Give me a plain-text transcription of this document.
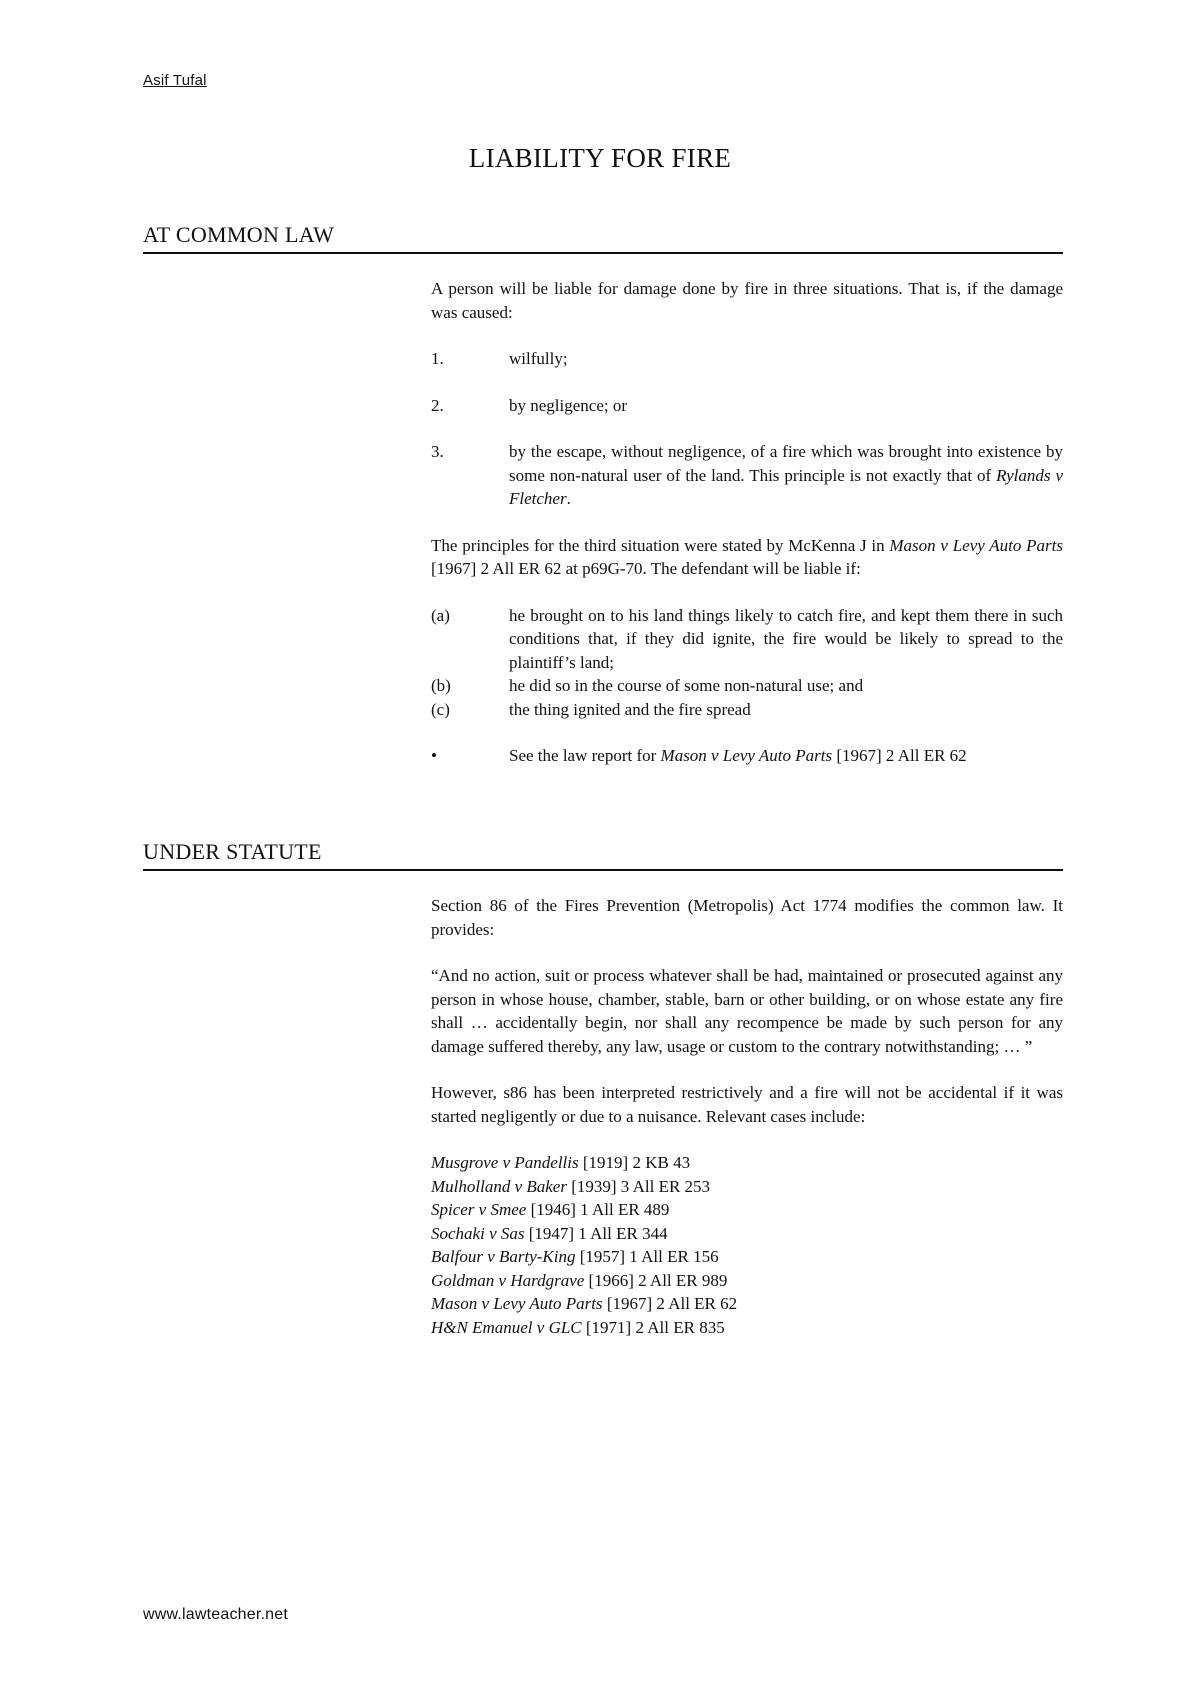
Asif Tufal
LIABILITY FOR FIRE
AT COMMON LAW

A person will be liable for damage done by fire in three situations. That is, if the damage was caused:

1.	wilfully;
2.	by negligence; or
3.	by the escape, without negligence, of a fire which was brought into existence by some non-natural user of the land. This principle is not exactly that of Rylands v Fletcher.

The principles for the third situation were stated by McKenna J in Mason v Levy Auto Parts [1967] 2 All ER 62 at p69G-70. The defendant will be liable if:

(a)	he brought on to his land things likely to catch fire, and kept them there in such conditions that, if they did ignite, the fire would be likely to spread to the plaintiff’s land;
(b)	he did so in the course of some non-natural use; and
(c)	the thing ignited and the fire spread
•	See the law report for Mason v Levy Auto Parts [1967] 2 All ER 62
UNDER STATUTE

Section 86 of the Fires Prevention (Metropolis) Act 1774 modifies the common law. It provides:

“And no action, suit or process whatever shall be had, maintained or prosecuted against any person in whose house, chamber, stable, barn or other building, or on whose estate any fire shall … accidentally begin, nor shall any recompence be made by such person for any damage suffered thereby, any law, usage or custom to the contrary notwithstanding; … ”

However, s86 has been interpreted restrictively and a fire will not be accidental if it was started negligently or due to a nuisance. Relevant cases include:

Musgrove v Pandellis [1919] 2 KB 43
Mulholland v Baker [1939] 3 All ER 253
Spicer v Smee [1946] 1 All ER 489
Sochaki v Sas [1947] 1 All ER 344
Balfour v Barty-King [1957] 1 All ER 156
Goldman v Hardgrave [1966] 2 All ER 989
Mason v Levy Auto Parts [1967] 2 All ER 62
H&N Emanuel v GLC [1971] 2 All ER 835
www.lawteacher.net
